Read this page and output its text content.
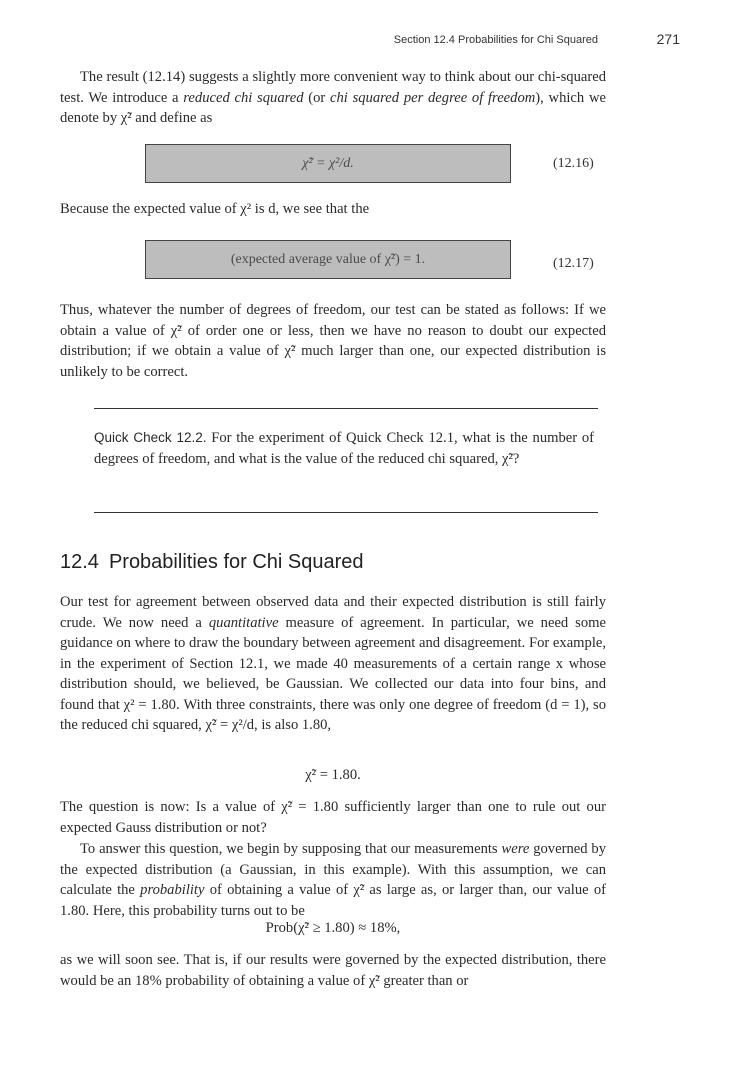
Section 12.4 Probabilities for Chi Squared	271

The result (12.14) suggests a slightly more convenient way to think about our chi-squared test. We introduce a reduced chi squared (or chi squared per degree of freedom), which we denote by χ̃² and define as

χ̃² = χ²/d.	(12.16)

Because the expected value of χ² is d, we see that the

(expected average value of χ̃²) = 1.	(12.17)

Thus, whatever the number of degrees of freedom, our test can be stated as follows: If we obtain a value of χ̃² of order one or less, then we have no reason to doubt our expected distribution; if we obtain a value of χ̃² much larger than one, our expected distribution is unlikely to be correct.

Quick Check 12.2. For the experiment of Quick Check 12.1, what is the number of degrees of freedom, and what is the value of the reduced chi squared, χ̃²?

12.4 Probabilities for Chi Squared

Our test for agreement between observed data and their expected distribution is still fairly crude. We now need a quantitative measure of agreement. In particular, we need some guidance on where to draw the boundary between agreement and disagreement. For example, in the experiment of Section 12.1, we made 40 measurements of a certain range x whose distribution should, we believed, be Gaussian. We collected our data into four bins, and found that χ² = 1.80. With three constraints, there was only one degree of freedom (d = 1), so the reduced chi squared, χ̃² = χ²/d, is also 1.80,

χ̃² = 1.80.

The question is now: Is a value of χ̃² = 1.80 sufficiently larger than one to rule out our expected Gauss distribution or not?

To answer this question, we begin by supposing that our measurements were governed by the expected distribution (a Gaussian, in this example). With this assumption, we can calculate the probability of obtaining a value of χ̃² as large as, or larger than, our value of 1.80. Here, this probability turns out to be

Prob(χ̃² ≥ 1.80) ≈ 18%,

as we will soon see. That is, if our results were governed by the expected distribution, there would be an 18% probability of obtaining a value of χ̃² greater than or
